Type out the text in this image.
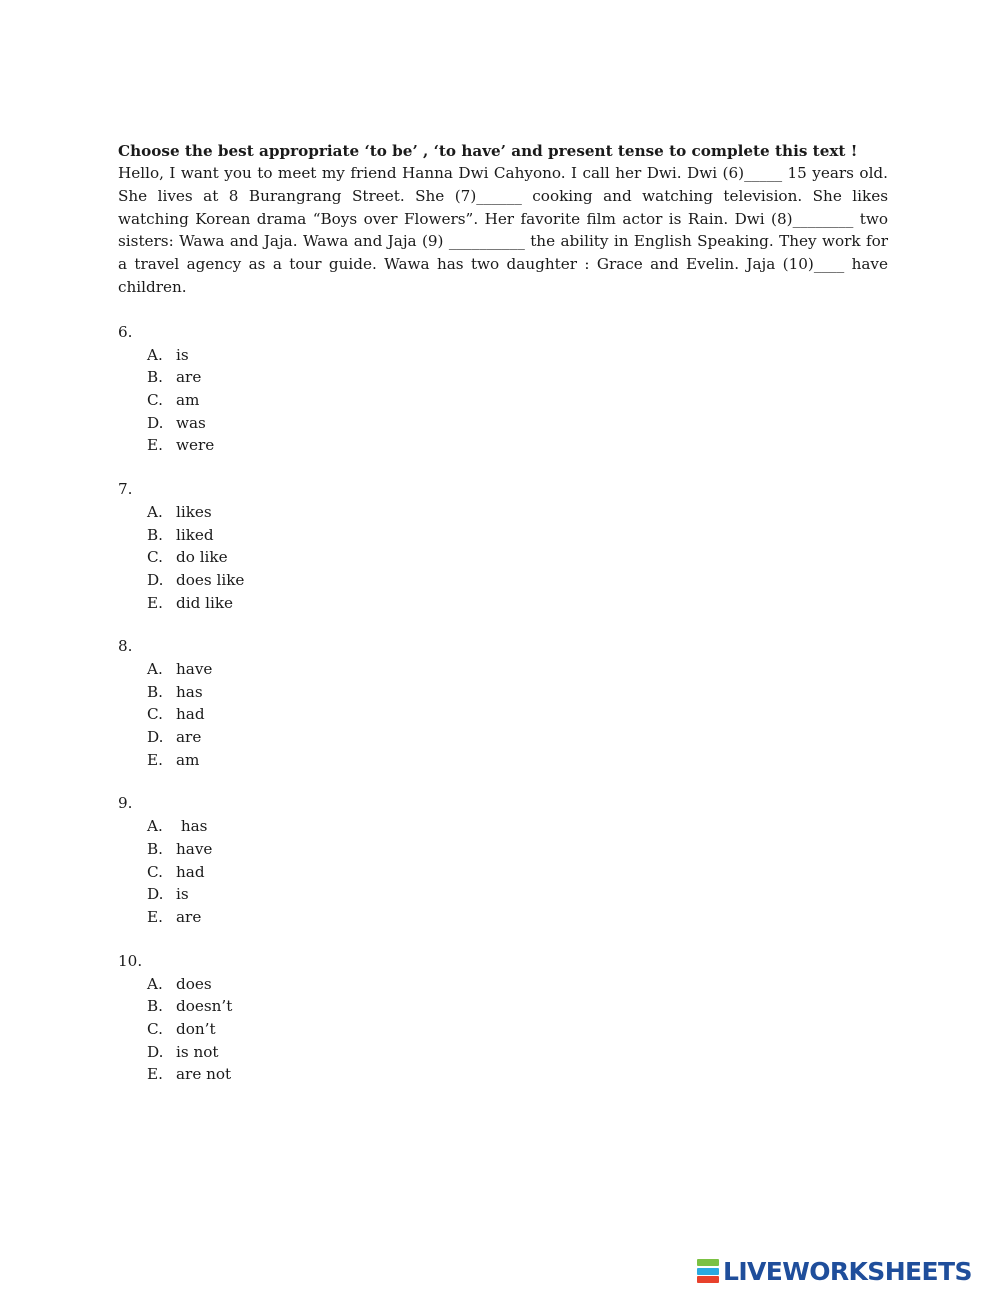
Choose the best appropriate ‘to be’ , ‘to have’ and present tense to complete this text !

Hello, I want you to meet my friend Hanna Dwi Cahyono. I call her Dwi. Dwi (6)_____ 15 years old. She lives at 8 Burangrang Street. She (7)______ cooking and watching television. She likes watching Korean drama “Boys over Flowers”. Her favorite film actor is Rain. Dwi (8)________ two sisters: Wawa and Jaja. Wawa and Jaja (9) __________ the ability in English Speaking. They work for a travel agency as a tour guide. Wawa has two daughter : Grace and Evelin. Jaja (10)____ have children.

6.
A. is
B. are
C. am
D. was
E. were
7.
A. likes
B. liked
C. do like
D. does like
E. did like
8.
A. have
B. has
C. had
D. are
E. am
9.
A. has
B. have
C. had
D. is
E. are
10.
A. does
B. doesn’t
C. don’t
D. is not
E. are not
LIVEWORKSHEETS
